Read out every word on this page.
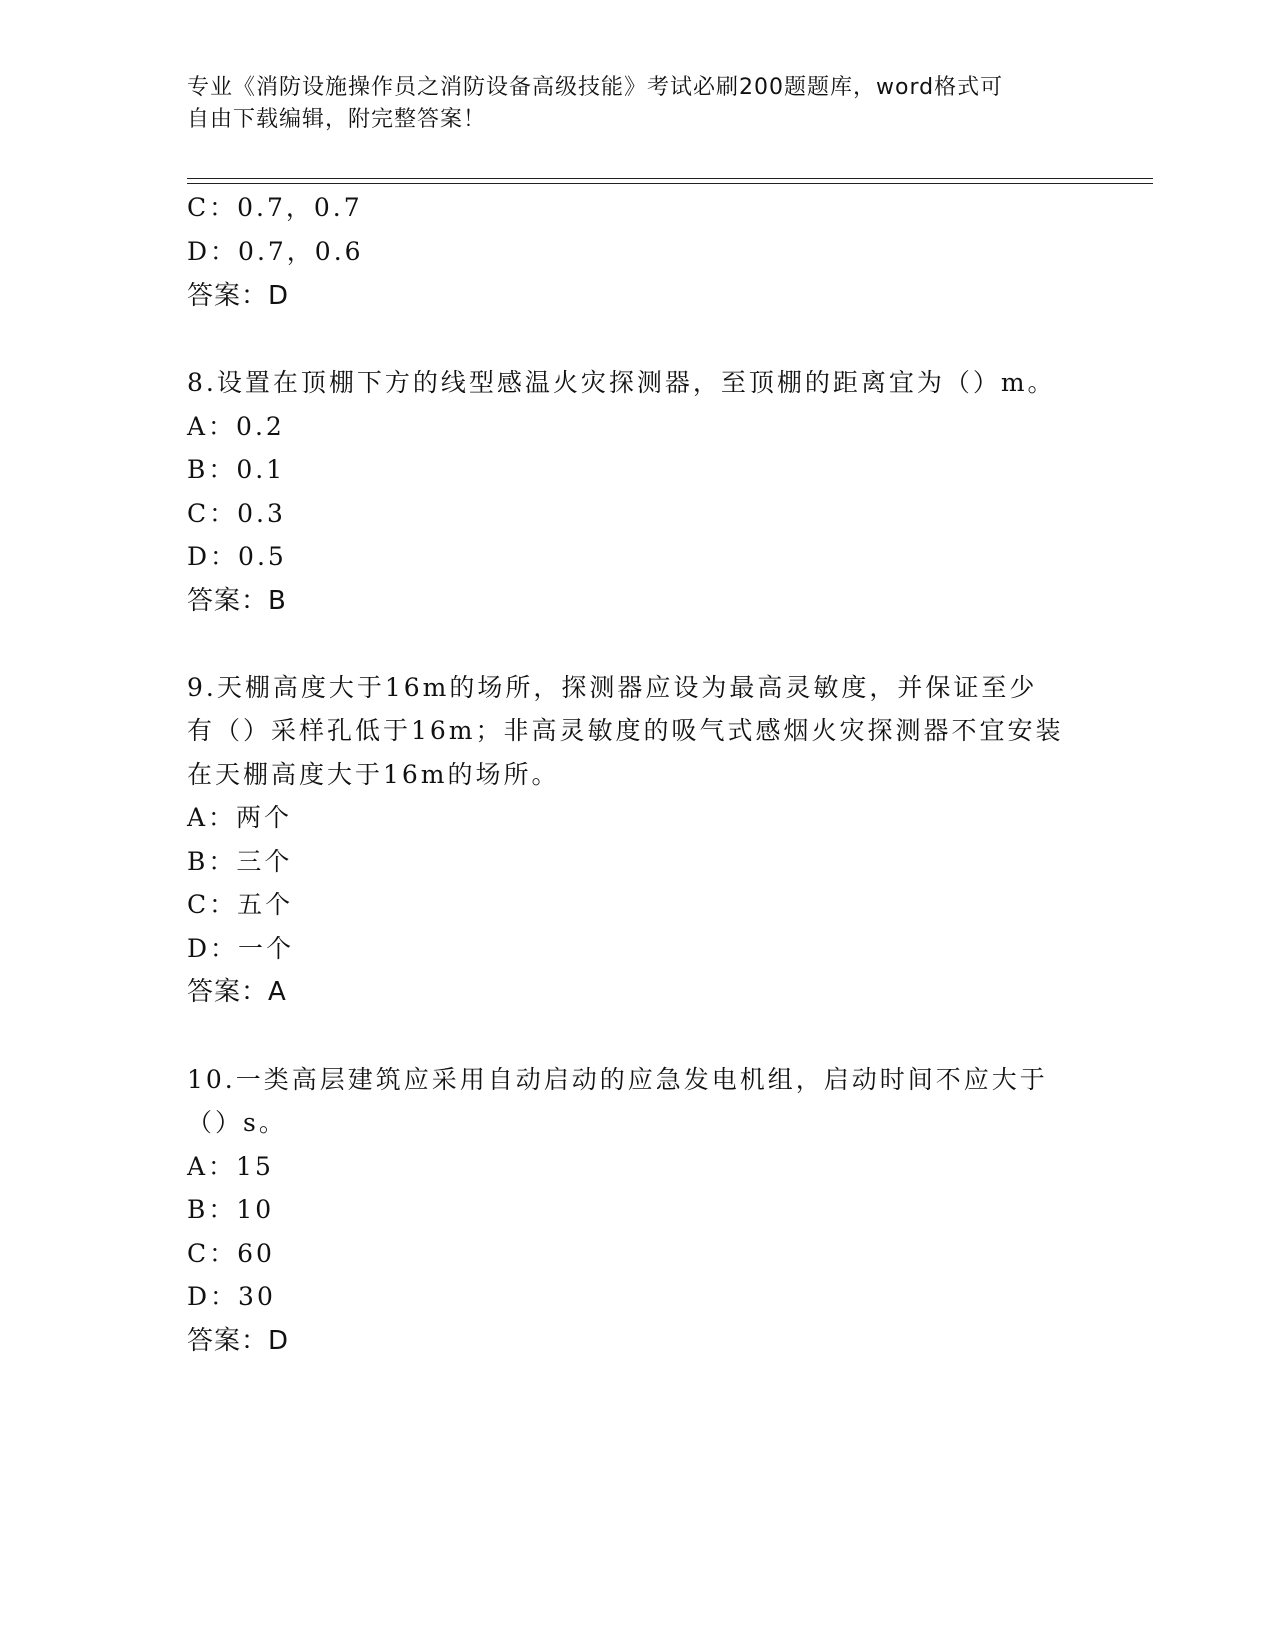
专业《消防设施操作员之消防设备高级技能》考试必刷200题题库，word格式可
自由下载编辑，附完整答案！
C：0.7，0.7
D：0.7，0.6
答案：D
8.设置在顶棚下方的线型感温火灾探测器，至顶棚的距离宜为（）m。
A：0.2
B：0.1
C：0.3
D：0.5
答案：B
9.天棚高度大于16m的场所，探测器应设为最高灵敏度，并保证至少
有（）采样孔低于16m；非高灵敏度的吸气式感烟火灾探测器不宜安装
在天棚高度大于16m的场所。
A：两个
B：三个
C：五个
D：一个
答案：A
10.一类高层建筑应采用自动启动的应急发电机组，启动时间不应大于
（）s。
A：15
B：10
C：60
D：30
答案：D
